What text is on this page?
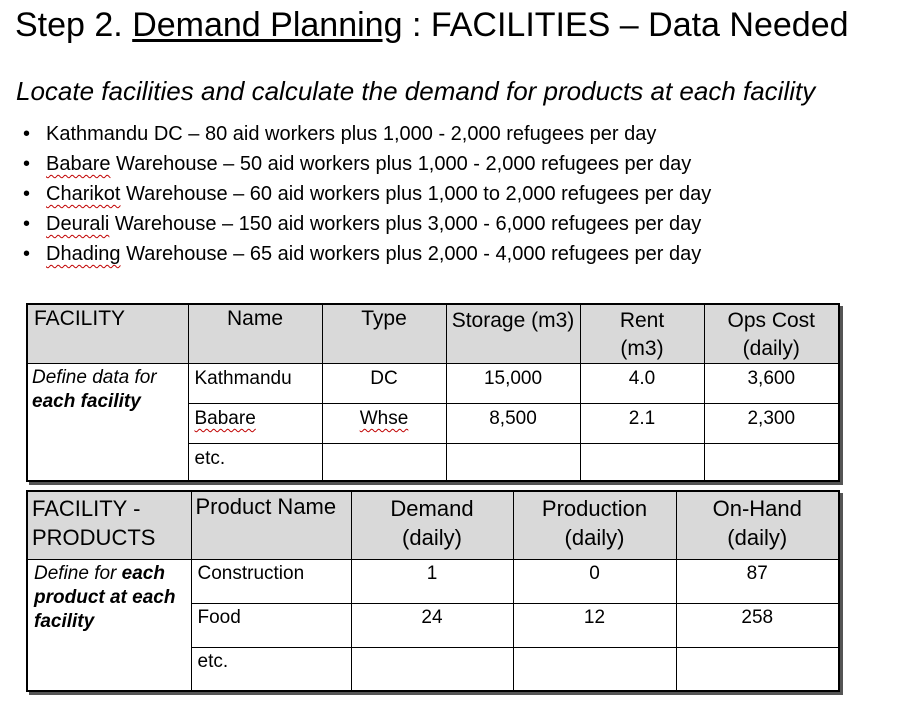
Step 2. Demand Planning : FACILITIES – Data Needed
Locate facilities and calculate the demand for products at each facility
• Kathmandu DC – 80 aid workers plus 1,000 - 2,000 refugees per day
• Babare Warehouse – 50 aid workers plus 1,000 - 2,000 refugees per day
• Charikot Warehouse – 60 aid workers plus 1,000 to 2,000 refugees per day
• Deurali Warehouse – 150 aid workers plus 3,000 - 6,000 refugees per day
• Dhading Warehouse – 65 aid workers plus 2,000 - 4,000 refugees per day
FACILITY	Name	Type	Storage (m3)	Rent (m3)	Ops Cost (daily)
Define data for
each facility	Kathmandu	DC	15,000	4.0	3,600
	Babare	Whse	8,500	2.1	2,300
	etc.				
FACILITY - PRODUCTS	Product Name	Demand (daily)	Production (daily)	On-Hand (daily)
Define for each product at each facility	Construction	1	0	87
	Food	24	12	258
	etc.			
